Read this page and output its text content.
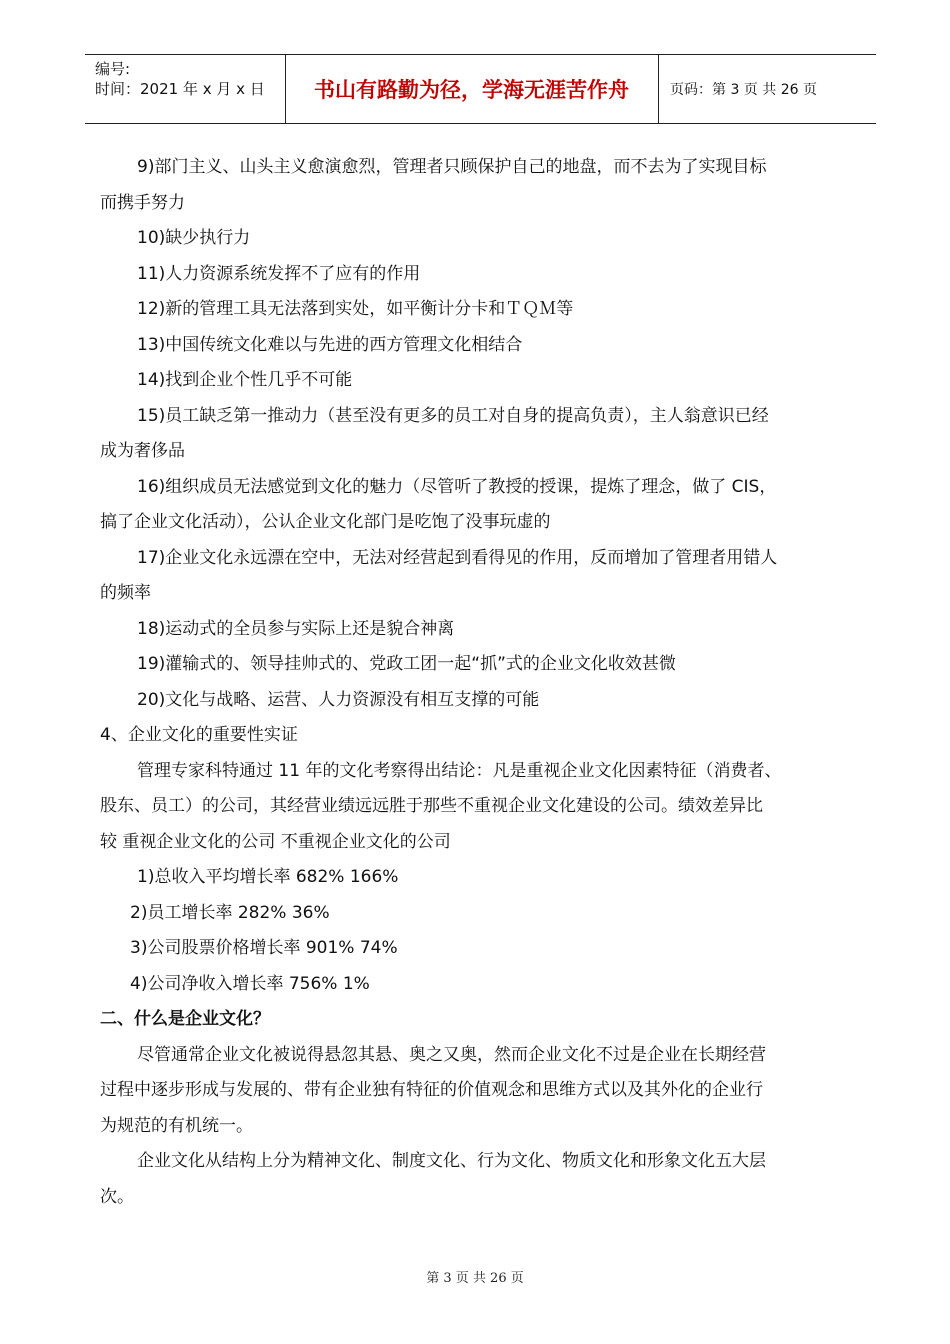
编号:
时间：2021 年 x 月 x 日	书山有路勤为径，学海无涯苦作舟	页码：第 3 页 共 26 页
9)部门主义、山头主义愈演愈烈，管理者只顾保护自己的地盘，而不去为了实现目标
而携手努力
10)缺少执行力
11)人力资源系统发挥不了应有的作用
12)新的管理工具无法落到实处，如平衡计分卡和ＴＱＭ等
13)中国传统文化难以与先进的西方管理文化相结合
14)找到企业个性几乎不可能
15)员工缺乏第一推动力（甚至没有更多的员工对自身的提高负责），主人翁意识已经
成为奢侈品
16)组织成员无法感觉到文化的魅力（尽管听了教授的授课，提炼了理念，做了 CIS，
搞了企业文化活动），公认企业文化部门是吃饱了没事玩虚的
17)企业文化永远漂在空中，无法对经营起到看得见的作用，反而增加了管理者用错人
的频率
18)运动式的全员参与实际上还是貌合神离
19)灌输式的、领导挂帅式的、党政工团一起“抓”式的企业文化收效甚微
20)文化与战略、运营、人力资源没有相互支撑的可能
4、企业文化的重要性实证
管理专家科特通过 11 年的文化考察得出结论：凡是重视企业文化因素特征（消费者、
股东、员工）的公司，其经营业绩远远胜于那些不重视企业文化建设的公司。绩效差异比
较 重视企业文化的公司 不重视企业文化的公司
1)总收入平均增长率 682% 166%
2)员工增长率 282% 36%
3)公司股票价格增长率 901% 74%
4)公司净收入增长率 756% 1%
二、什么是企业文化？
尽管通常企业文化被说得悬忽其悬、奥之又奥，然而企业文化不过是企业在长期经营
过程中逐步形成与发展的、带有企业独有特征的价值观念和思维方式以及其外化的企业行
为规范的有机统一。
企业文化从结构上分为精神文化、制度文化、行为文化、物质文化和形象文化五大层
次。
第 3 页 共 26 页
